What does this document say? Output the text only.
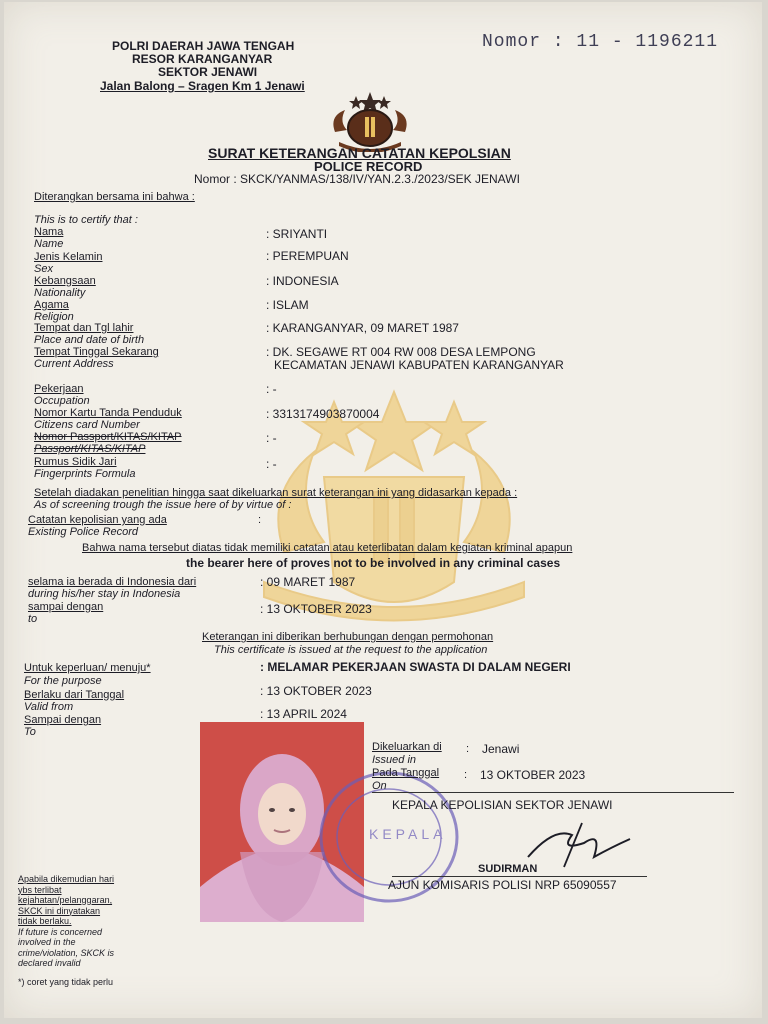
POLRI DAERAH JAWA TENGAH
RESOR KARANGANYAR
SEKTOR JENAWI
Jalan Balong – Sragen Km 1 Jenawi
Nomor : 11 - 1196211
SURAT KETERANGAN CATATAN KEPOLSIAN
POLICE RECORD
Nomor : SKCK/YANMAS/138/IV/YAN.2.3./2023/SEK JENAWI
Diterangkan bersama ini bahwa :
This is to certify that :
Nama
Name
: SRIYANTI
Jenis Kelamin
Sex
: PEREMPUAN
Kebangsaan
Nationality
: INDONESIA
Agama
Religion
: ISLAM
Tempat dan Tgl lahir
Place and date of birth
: KARANGANYAR, 09 MARET 1987
Tempat Tinggal Sekarang
Current Address
: DK. SEGAWE RT 004 RW 008 DESA LEMPONG
KECAMATAN JENAWI KABUPATEN KARANGANYAR
Pekerjaan
Occupation
: -
Nomor Kartu Tanda Penduduk
Citizens card Number
: 3313174903870004
Nomor Passport/KITAS/KITAP
Passport/KITAS/KITAP
: -
Rumus Sidik Jari
Fingerprints Formula
: -
Setelah diadakan penelitian hingga saat dikeluarkan surat keterangan ini yang didasarkan kepada :
As of screening trough the issue here of by virtue of :
Catatan kepolisian yang ada	:
Existing Police Record
Bahwa nama tersebut diatas tidak memiliki catatan atau keterlibatan dalam kegiatan kriminal apapun
the bearer here of proves not to be involved in any criminal cases
selama ia berada di Indonesia dari
during his/her stay in Indonesia
: 09 MARET 1987
sampai dengan
to
: 13 OKTOBER 2023
Keterangan ini diberikan berhubungan dengan permohonan
This certificate is issued at the request to the application
Untuk keperluan/ menuju*
For the purpose
: MELAMAR PEKERJAAN SWASTA DI DALAM NEGERI
Berlaku dari Tanggal
Valid from
: 13 OKTOBER 2023
Sampai dengan
To
: 13 APRIL 2024
KEPALA
Dikeluarkan di
Issued in
: Jenawi
Pada Tanggal
On
: 13 OKTOBER 2023
KEPALA KEPOLISIAN SEKTOR JENAWI
SUDIRMAN
AJUN KOMISARIS POLISI NRP 65090557
Apabila dikemudian hari
ybs terlibat
kejahatan/pelanggaran,
SKCK ini dinyatakan
tidak berlaku.
If future is concerned
involved in the
crime/violation, SKCK is
declared invalid
*) coret yang tidak perlu
